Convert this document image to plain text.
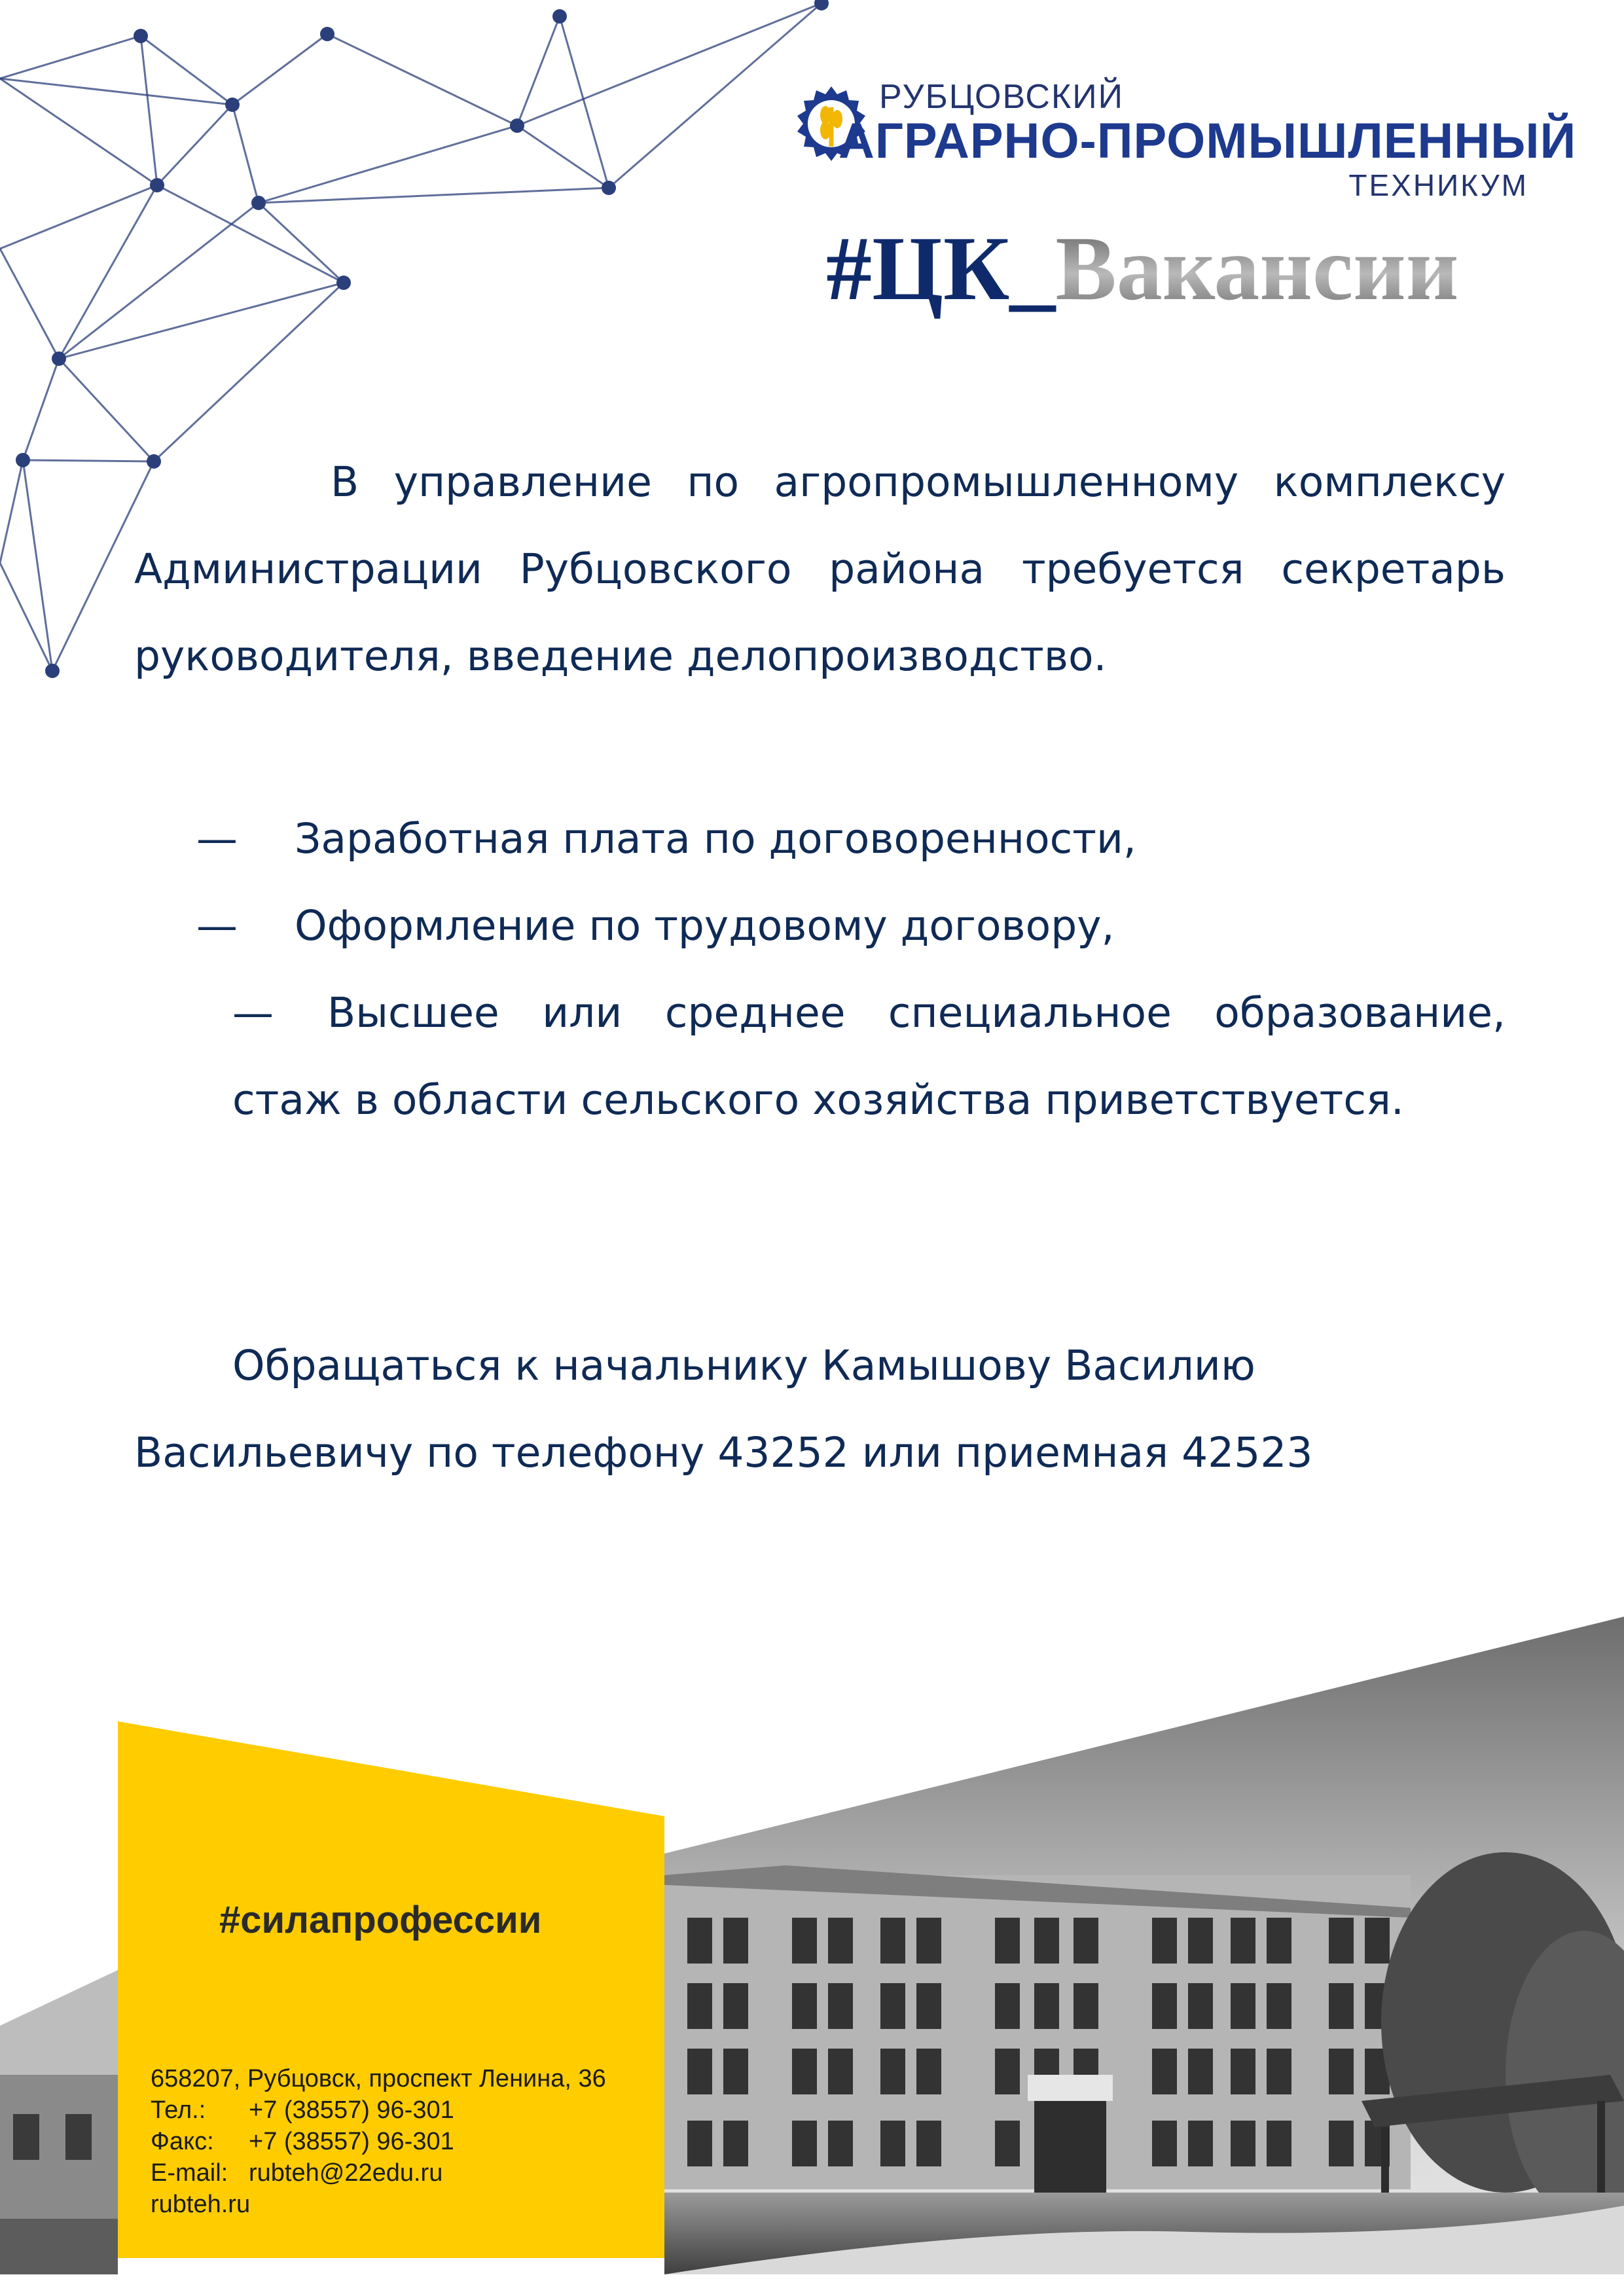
РУБЦОВСКИЙ
АГРАРНО-ПРОМЫШЛЕННЫЙ
ТЕХНИКУМ
#ЦК_Вакансии
В управление по агропромышленному комплексу Администрации Рубцовского района требуется секретарь руководителя, введение делопроизводство.
—	Заработная плата по договоренности,
—	Оформление по трудовому договору,
— Высшее или среднее специальное образование, стаж в области сельского хозяйства приветствуется.
Обращаться к начальнику Камышову Василию Васильевичу по телефону 43252 или приемная 42523
#силапрофессии
658207, Рубцовск, проспект Ленина, 36
Тел.: +7 (38557) 96-301
Факс: +7 (38557) 96-301
E-mail: rubteh@22edu.ru
rubteh.ru
